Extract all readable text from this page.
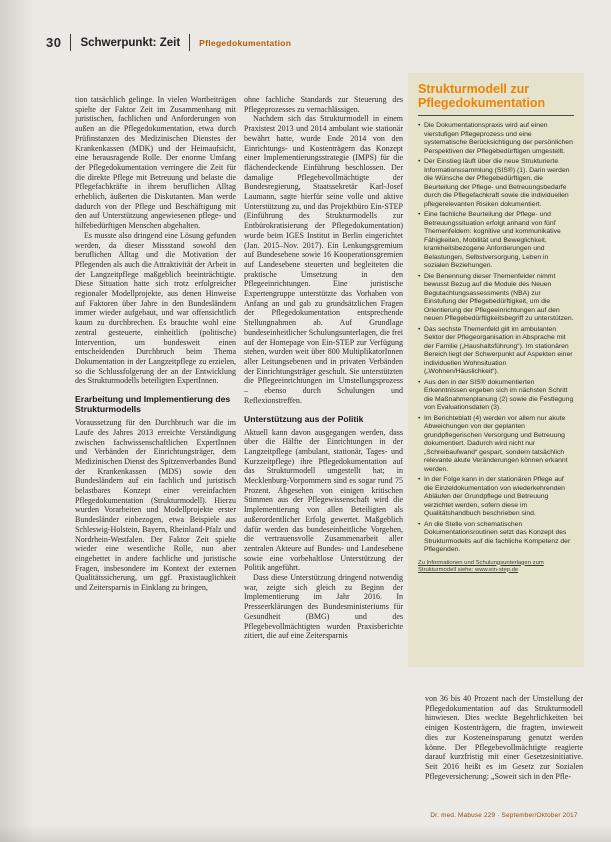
30 Schwerpunkt: Zeit Pflegedokumentation

tion tatsächlich gelinge. In vielen Wortbeiträgen spielte der Faktor Zeit im Zusammenhang mit juristischen, fachlichen und Anforderungen von außen an die Pflegedokumentation, etwa durch Prüfinstanzen des Medizinischen Dienstes der Krankenkassen (MDK) und der Heimaufsicht, eine herausragende Rolle. Der enorme Umfang der Pflegedokumentation verringere die Zeit für die direkte Pflege mit Betreuung und belaste die Pflegefachkräfte in ihrem beruflichen Alltag erheblich, äußerten die Diskutanten. Man werde dadurch von der Pflege und Beschäftigung mit den auf Unterstützung angewiesenen pflege- und hilfebedürftigen Menschen abgehalten.

Es musste also dringend eine Lösung gefunden werden, da dieser Missstand sowohl den beruflichen Alltag und die Motivation der Pflegenden als auch die Attraktivität der Arbeit in der Langzeitpflege maßgeblich beeinträchtigte. Diese Situation hatte sich trotz erfolgreicher regionaler Modellprojekte, aus denen Hinweise auf Faktoren über Jahre in den Bundesländern immer wieder aufgebaut, und war offensichtlich kaum zu durchbrechen. Es brauchte wohl eine zentral gesteuerte, einheitlich (politische) Intervention, um bundesweit einen entscheidenden Durchbruch beim Thema Dokumentation in der Langzeitpflege zu erzielen, so die Schlussfolgerung der an der Entwicklung des Strukturmodells beteiligten ExpertInnen.

Erarbeitung und Implementierung des Strukturmodells

Voraussetzung für den Durchbruch war die im Laufe des Jahres 2013 erreichte Verständigung zwischen fachwissenschaftlichen ExpertInnen und Verbänden der Einrichtungsträger, dem Medizinischen Dienst des Spitzenverbandes Bund der Krankenkassen (MDS) sowie den Bundesländern auf ein fachlich und juristisch belastbares Konzept einer vereinfachten Pflegedokumentation (Strukturmodell). Hierzu wurden Vorarbeiten und Modellprojekte erster Bundesländer einbezogen, etwa Beispiele aus Schleswig-Holstein, Bayern, Rheinland-Pfalz und Nordrhein-Westfalen. Der Faktor Zeit spielte wieder eine wesentliche Rolle, nun aber eingebettet in andere fachliche und juristische Fragen, insbesondere im Kontext der externen Qualitätssicherung, um ggf. Praxistauglichkeit und Zeitersparnis in Einklang zu bringen,

ohne fachliche Standards zur Steuerung des Pflegeprozesses zu vernachlässigen.

Nachdem sich das Strukturmodell in einem Praxistest 2013 und 2014 ambulant wie stationär bewährt hatte, wurde Ende 2014 von den Einrichtungs- und Kostenträgern das Konzept einer Implementierungsstrategie (IMPS) für die flächendeckende Einführung beschlossen. Der damalige Pflegebevollmächtigte der Bundesregierung, Staatssekretär Karl-Josef Laumann, sagte hierfür seine volle und aktive Unterstützung zu, und das Projektbüro Ein-STEP (Einführung des Strukturmodells zur Entbürokratisierung der Pflegedokumentation) wurde beim IGES Institut in Berlin eingerichtet (Jan. 2015–Nov. 2017). Ein Lenkungsgremium auf Bundesebene sowie 16 Kooperationsgremien auf Landesebene steuerten und begleiteten die praktische Umsetzung in den Pflegeeinrichtungen. Eine juristische Expertengruppe unterstützte das Vorhaben von Anfang an und gab zu grundsätzlichen Fragen der Pflegedokumentation entsprechende Stellungnahmen ab. Auf Grundlage bundeseinheitlicher Schulungsunterlagen, die frei auf der Homepage von Ein-STEP zur Verfügung stehen, wurden weit über 800 MultiplikatorInnen aller Leitungsebenen und in privaten Verbänden der Einrichtungsträger geschult. Sie unterstützten die Pflegeeinrichtungen im Umstellungsprozess – ebenso durch Schulungen und Reflexionstreffen.

Unterstützung aus der Politik

Aktuell kann davon ausgegangen werden, dass über die Hälfte der Einrichtungen in der Langzeitpflege (ambulant, stationär, Tages- und Kurzzeitpflege) ihre Pflegedokumentation auf das Strukturmodell umgestellt hat; in Mecklenburg-Vorpommern sind es sogar rund 75 Prozent. Abgesehen von einigen kritischen Stimmen aus der Pflegewissenschaft wird die Implementierung von allen Beteiligten als außerordentlicher Erfolg gewertet. Maßgeblich dafür werden das bundeseinheitliche Vorgehen, die vertrauensvolle Zusammenarbeit aller zentralen Akteure auf Bundes- und Landesebene sowie eine vorbehaltlose Unterstützung der Politik angeführt.

Dass diese Unterstützung dringend notwendig war, zeigte sich gleich zu Beginn der Implementierung im Jahr 2016. In Presseerklärungen des Bundesministeriums für Gesundheit (BMG) und des Pflegebevollmächtigten wurden Praxisberichte zitiert, die auf eine Zeitersparnis

Strukturmodell zur Pflegedokumentation
• Die Dokumentationspraxis wird auf einen vierstufigen Pflegeprozess und eine systematische Berücksichtigung der persönlichen Perspektiven der Pflegebedürftigen umgestellt.
• Der Einstieg läuft über die neue Strukturierte Informationssammlung (SIS®) (1). Darin werden die Wünsche der Pflegebedürftigen, die Beurteilung der Pflege- und Betreuungsbedarfe durch die Pflegefachkraft sowie die individuellen pflegerelevanten Risiken dokumentiert.
• Eine fachliche Beurteilung der Pflege- und Betreuungssituation erfolgt anhand von fünf Themenfeldern: kognitive und kommunikative Fähigkeiten, Mobilität und Beweglichkeit, krankheitsbezogene Anforderungen und Belastungen, Selbstversorgung, Leben in sozialen Beziehungen.
• Die Benennung dieser Themenfelder nimmt bewusst Bezug auf die Module des Neuen Begutachtungsassessments (NBA) zur Einstufung der Pflegebedürftigkeit, um die Orientierung der Pflegeeinrichtungen auf den neuen Pflegebedürftigkeitsbegriff zu unterstützen.
• Das sechste Themenfeld gilt im ambulanten Sektor der Pflegeorganisation in Absprache mit der Familie („Haushaltsführung“). Im stationären Bereich liegt der Schwerpunkt auf Aspekten einer individuellen Wohnsituation („Wohnen/Häuslichkeit“).
• Aus den in der SIS® dokumentierten Erkenntnissen ergeben sich im nächsten Schritt die Maßnahmenplanung (2) sowie die Festlegung von Evaluationsdaten (3).
• Im Berichteblatt (4) werden vor allem nur akute Abweichungen von der geplanten grundpflegerischen Versorgung und Betreuung dokumentiert. Dadurch wird nicht nur „Schreibaufwand“ gespart, sondern tatsächlich relevante akute Veränderungen können erkannt werden.
• In der Folge kann in der stationären Pflege auf die Einzeldokumentation von wiederkehrenden Abläufen der Grundpflege und Betreuung verzichtet werden, sofern diese im Qualitätshandbuch beschrieben sind.
• An die Stelle von schematischen Dokumentationsroutinen setzt das Konzept des Strukturmodells auf die fachliche Kompetenz der Pflegenden.
Zu Informationen und Schulungsunterlagen zum Strukturmodell siehe: www.ein-step.de

von 36 bis 40 Prozent nach der Umstellung der Pflegedokumentation auf das Strukturmodell hinwiesen. Dies weckte Begehrlichkeiten bei einigen Kostenträgern, die fragten, inwieweit dies zur Kosteneinsparung genutzt werden könne. Der Pflegebevollmächtigte reagierte darauf kurzfristig mit einer Gesetzesinitiative. Seit 2016 heißt es im Gesetz zur Sozialen Pflegeversicherung: „Soweit sich in den Pfle-

Dr. med. Mabuse 229 · September/Oktober 2017
